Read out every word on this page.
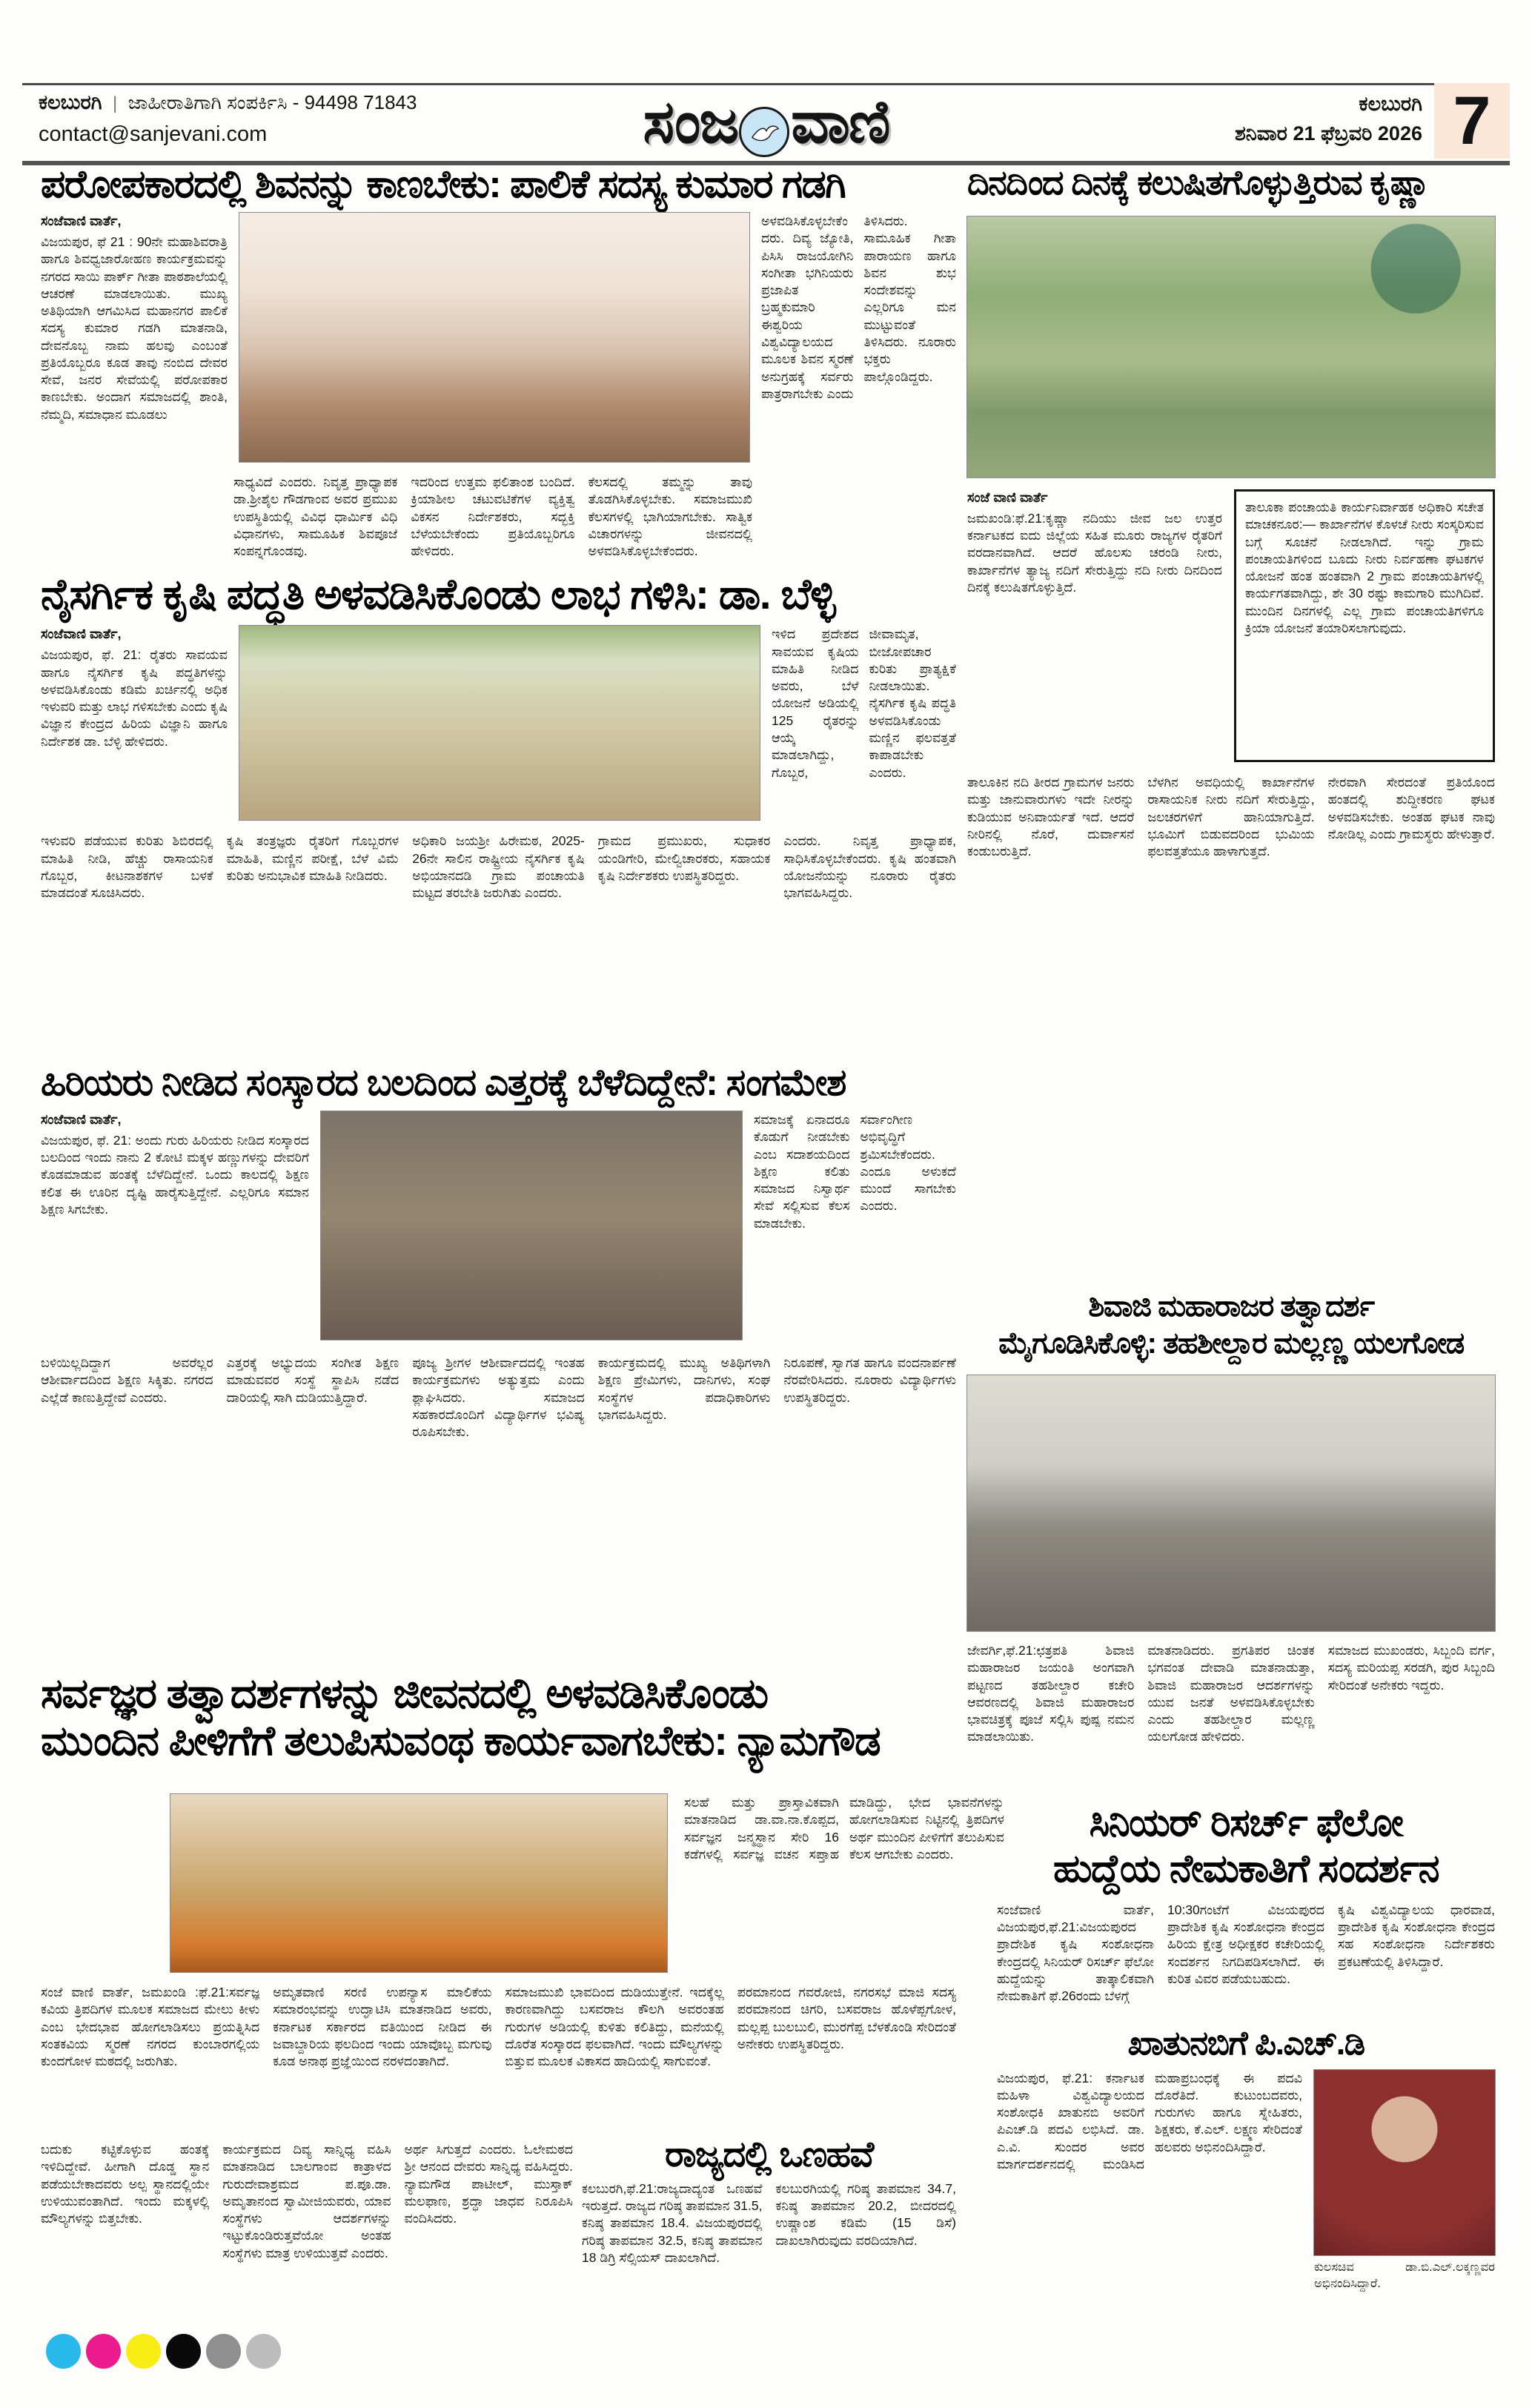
ಕಲಬುರಗಿ | ಜಾಹೀರಾತಿಗಾಗಿ ಸಂಪರ್ಕಿಸಿ - 94498 71843
contact@sanjevani.com	ಸಂಜ ವಾಣಿ	ಕಲಬುರಗಿ
ಶನಿವಾರ 21 ಫೆಬ್ರವರಿ 2026 7
ಪರೋಪಕಾರದಲ್ಲಿ ಶಿವನನ್ನು ಕಾಣಬೇಕು: ಪಾಲಿಕೆ ಸದಸ್ಯ ಕುಮಾರ ಗಡಗಿ
ಸಂಜೆವಾಣಿ ವಾರ್ತೆ,
ವಿಜಯಪುರ, ಫೆ 21 : 90ನೇ ಮಹಾಶಿವರಾತ್ರಿ ಹಾಗೂ ಶಿವಧ್ವಜಾರೋಹಣ ಕಾರ್ಯಕ್ರಮವನ್ನು ನಗರದ ಸಾಯಿ ಪಾರ್ಕ್ ಗೀತಾ ಪಾಠಶಾಲೆಯಲ್ಲಿ ಆಚರಣೆ ಮಾಡಲಾಯಿತು. ಮುಖ್ಯ ಅತಿಥಿಯಾಗಿ ಆಗಮಿಸಿದ ಮಹಾನಗರ ಪಾಲಿಕೆ ಸದಸ್ಯ ಕುಮಾರ ಗಡಗಿ ಮಾತನಾಡಿ, ದೇವನೊಬ್ಬ ನಾಮ ಹಲವು ಎಂಬಂತೆ ಪ್ರತಿಯೊಬ್ಬರೂ ಕೂಡ ತಾವು ನಂಬಿದ ದೇವರ ಸೇವೆ, ಜನರ ಸೇವೆಯಲ್ಲಿ ಪರೋಪಕಾರ ಕಾಣಬೇಕು. ಅಂದಾಗ ಸಮಾಜದಲ್ಲಿ ಶಾಂತಿ, ನೆಮ್ಮದಿ, ಸಮಾಧಾನ ಮೂಡಲು
ಅಳವಡಿಸಿಕೊಳ್ಳಬೇಕೆಂದರು. ದಿವ್ಯ ಜ್ಯೋತಿ, ಪಿಸಿಸಿ ರಾಜಯೋಗಿನಿ ಸಂಗೀತಾ ಭಗಿನಿಯರು ಪ್ರಜಾಪಿತ ಬ್ರಹ್ಮಕುಮಾರಿ ಈಶ್ವರಿಯ ವಿಶ್ವವಿದ್ಯಾಲಯದ ಮೂಲಕ ಶಿವನ ಸ್ಮರಣೆ ಅನುಗ್ರಹಕ್ಕೆ ಸರ್ವರು ಪಾತ್ರರಾಗಬೇಕು ಎಂದು ತಿಳಿಸಿದರು. ಸಾಮೂಹಿಕ ಗೀತಾ ಪಾರಾಯಣ ಹಾಗೂ ಶಿವನ ಶುಭ ಸಂದೇಶವನ್ನು ಎಲ್ಲರಿಗೂ ಮನ ಮುಟ್ಟುವಂತೆ ತಿಳಿಸಿದರು. ನೂರಾರು ಭಕ್ತರು ಪಾಲ್ಗೊಂಡಿದ್ದರು.
ಸಾಧ್ಯವಿದೆ ಎಂದರು. ನಿವೃತ್ತ ಪ್ರಾಧ್ಯಾಪಕ ಡಾ.ಶ್ರೀಶೈಲ ಗೌಡಗಾಂವ ಅವರ ಪ್ರಮುಖ ಉಪಸ್ಥಿತಿಯಲ್ಲಿ ವಿವಿಧ ಧಾರ್ಮಿಕ ವಿಧಿ ವಿಧಾನಗಳು, ಸಾಮೂಹಿಕ ಶಿವಪೂಜೆ ಸಂಪನ್ನಗೊಂಡವು.
ಇದರಿಂದ ಉತ್ತಮ ಫಲಿತಾಂಶ ಬಂದಿದೆ. ಕ್ರಿಯಾಶೀಲ ಚಟುವಟಿಕೆಗಳ ವ್ಯಕ್ತಿತ್ವ ವಿಕಸನ ನಿರ್ದೇಶಕರು, ಸದ್ಭಕ್ತಿ ಬೆಳೆಯಬೇಕೆಂದು ಪ್ರತಿಯೊಬ್ಬರಿಗೂ ಹೇಳಿದರು.
ಕೆಲಸದಲ್ಲಿ ತಮ್ಮನ್ನು ತಾವು ತೊಡಗಿಸಿಕೊಳ್ಳಬೇಕು. ಸಮಾಜಮುಖಿ ಕೆಲಸಗಳಲ್ಲಿ ಭಾಗಿಯಾಗಬೇಕು. ಸಾತ್ವಿಕ ವಿಚಾರಗಳನ್ನು ಜೀವನದಲ್ಲಿ ಅಳವಡಿಸಿಕೊಳ್ಳಬೇಕೆಂದರು.
ನೈಸರ್ಗಿಕ ಕೃಷಿ ಪದ್ಧತಿ ಅಳವಡಿಸಿಕೊಂಡು ಲಾಭ ಗಳಿಸಿ: ಡಾ. ಬೆಳ್ಳಿ
ಸಂಜೆವಾಣಿ ವಾರ್ತೆ,
ವಿಜಯಪುರ, ಫೆ. 21: ರೈತರು ಸಾವಯವ ಹಾಗೂ ನೈಸರ್ಗಿಕ ಕೃಷಿ ಪದ್ಧತಿಗಳನ್ನು ಅಳವಡಿಸಿಕೊಂಡು ಕಡಿಮೆ ಖರ್ಚಿನಲ್ಲಿ ಅಧಿಕ ಇಳುವರಿ ಮತ್ತು ಲಾಭ ಗಳಿಸಬೇಕು ಎಂದು ಕೃಷಿ ವಿಜ್ಞಾನ ಕೇಂದ್ರದ ಹಿರಿಯ ವಿಜ್ಞಾನಿ ಹಾಗೂ ನಿರ್ದೇಶಕ ಡಾ. ಬೆಳ್ಳಿ ಹೇಳಿದರು.
ಇಳಿದ ಪ್ರದೇಶದ ಸಾವಯವ ಕೃಷಿಯ ಮಾಹಿತಿ ನೀಡಿದ ಅವರು, ಬೆಳೆ ಯೋಜನೆ ಅಡಿಯಲ್ಲಿ 125 ರೈತರನ್ನು ಆಯ್ಕೆ ಮಾಡಲಾಗಿದ್ದು, ಗೊಬ್ಬರ, ಜೀವಾಮೃತ, ಬೀಜೋಪಚಾರ ಕುರಿತು ಪ್ರಾತ್ಯಕ್ಷಿಕೆ ನೀಡಲಾಯಿತು. ನೈಸರ್ಗಿಕ ಕೃಷಿ ಪದ್ಧತಿ ಅಳವಡಿಸಿಕೊಂಡು ಮಣ್ಣಿನ ಫಲವತ್ತತೆ ಕಾಪಾಡಬೇಕು ಎಂದರು.
ಇಳುವರಿ ಪಡೆಯುವ ಕುರಿತು ಶಿಬಿರದಲ್ಲಿ ಮಾಹಿತಿ ನೀಡಿ, ಹೆಚ್ಚು ರಾಸಾಯನಿಕ ಗೊಬ್ಬರ, ಕೀಟನಾಶಕಗಳ ಬಳಕೆ ಮಾಡದಂತೆ ಸೂಚಿಸಿದರು.
ಕೃಷಿ ತಂತ್ರಜ್ಞರು ರೈತರಿಗೆ ಗೊಬ್ಬರಗಳ ಮಾಹಿತಿ, ಮಣ್ಣಿನ ಪರೀಕ್ಷೆ, ಬೆಳೆ ವಿಮೆ ಕುರಿತು ಅನುಭಾವಿಕ ಮಾಹಿತಿ ನೀಡಿದರು.
ಅಧಿಕಾರಿ ಜಯಶ್ರೀ ಹಿರೇಮಠ, 2025-26ನೇ ಸಾಲಿನ ರಾಷ್ಟ್ರೀಯ ನೈಸರ್ಗಿಕ ಕೃಷಿ ಅಭಿಯಾನದಡಿ ಗ್ರಾಮ ಪಂಚಾಯತಿ ಮಟ್ಟದ ತರಬೇತಿ ಜರುಗಿತು ಎಂದರು.
ಗ್ರಾಮದ ಪ್ರಮುಖರು, ಸುಧಾಕರ ಯಂಡಿಗೇರಿ, ಮೇಲ್ವಿಚಾರಕರು, ಸಹಾಯಕ ಕೃಷಿ ನಿರ್ದೇಶಕರು ಉಪಸ್ಥಿತರಿದ್ದರು.
ಎಂದರು. ನಿವೃತ್ತ ಪ್ರಾಧ್ಯಾಪಕ, ಸಾಧಿಸಿಕೊಳ್ಳಬೇಕೆಂದರು. ಕೃಷಿ ಹಂತವಾಗಿ ಯೋಜನೆಯನ್ನು ನೂರಾರು ರೈತರು ಭಾಗವಹಿಸಿದ್ದರು.
ಹಿರಿಯರು ನೀಡಿದ ಸಂಸ್ಕಾರದ ಬಲದಿಂದ ಎತ್ತರಕ್ಕೆ ಬೆಳೆದಿದ್ದೇನೆ: ಸಂಗಮೇಶ
ಸಂಜೆವಾಣಿ ವಾರ್ತೆ,
ವಿಜಯಪುರ, ಫೆ. 21: ಅಂದು ಗುರು ಹಿರಿಯರು ನೀಡಿದ ಸಂಸ್ಕಾರದ ಬಲದಿಂದ ಇಂದು ನಾನು 2 ಕೋಟಿ ಮಕ್ಕಳ ಹಣ್ಣುಗಳನ್ನು ದೇವರಿಗೆ ಕೊಡಮಾಡುವ ಹಂತಕ್ಕೆ ಬೆಳೆದಿದ್ದೇನೆ. ಒಂದು ಕಾಲದಲ್ಲಿ ಶಿಕ್ಷಣ ಕಲಿತ ಈ ಊರಿನ ದೃಷ್ಟಿ ಹಾರೈಸುತ್ತಿದ್ದೇನೆ. ಎಲ್ಲರಿಗೂ ಸಮಾನ ಶಿಕ್ಷಣ ಸಿಗಬೇಕು.
ಸಮಾಜಕ್ಕೆ ಏನಾದರೂ ಕೊಡುಗೆ ನೀಡಬೇಕು ಎಂಬ ಸದಾಶಯದಿಂದ ಶಿಕ್ಷಣ ಕಲಿತು ಸಮಾಜದ ನಿಸ್ವಾರ್ಥ ಸೇವೆ ಸಲ್ಲಿಸುವ ಕೆಲಸ ಮಾಡಬೇಕು. ಸರ್ವಾಂಗೀಣ ಅಭಿವೃದ್ಧಿಗೆ ಶ್ರಮಿಸಬೇಕೆಂದರು. ಎಂದೂ ಅಳುಕದೆ ಮುಂದೆ ಸಾಗಬೇಕು ಎಂದರು.
ಬಳಿಯಿಲ್ಲದಿದ್ದಾಗ ಅವರೆಲ್ಲರ ಆಶೀರ್ವಾದದಿಂದ ಶಿಕ್ಷಣ ಸಿಕ್ಕಿತು. ನಗರದ ಎಲ್ಲೆಡೆ ಕಾಣುತ್ತಿದ್ದೇವೆ ಎಂದರು.
ಎತ್ತರಕ್ಕೆ ಅಭ್ಯುದಯ ಸಂಗೀತ ಶಿಕ್ಷಣ ಮಾಡುವವರ ಸಂಸ್ಥೆ ಸ್ಥಾಪಿಸಿ ನಡೆದ ದಾರಿಯಲ್ಲಿ ಸಾಗಿ ದುಡಿಯುತ್ತಿದ್ದಾರೆ.
ಪೂಜ್ಯ ಶ್ರೀಗಳ ಆಶೀರ್ವಾದದಲ್ಲಿ ಇಂತಹ ಕಾರ್ಯಕ್ರಮಗಳು ಅತ್ಯುತ್ತಮ ಎಂದು ಶ್ಲಾಘಿಸಿದರು. ಸಮಾಜದ ಸಹಕಾರದೊಂದಿಗೆ ವಿದ್ಯಾರ್ಥಿಗಳ ಭವಿಷ್ಯ ರೂಪಿಸಬೇಕು.
ಕಾರ್ಯಕ್ರಮದಲ್ಲಿ ಮುಖ್ಯ ಅತಿಥಿಗಳಾಗಿ ಶಿಕ್ಷಣ ಪ್ರೇಮಿಗಳು, ದಾನಿಗಳು, ಸಂಘ ಸಂಸ್ಥೆಗಳ ಪದಾಧಿಕಾರಿಗಳು ಭಾಗವಹಿಸಿದ್ದರು.
ನಿರೂಪಣೆ, ಸ್ವಾಗತ ಹಾಗೂ ವಂದನಾರ್ಪಣೆ ನೆರವೇರಿಸಿದರು. ನೂರಾರು ವಿದ್ಯಾರ್ಥಿಗಳು ಉಪಸ್ಥಿತರಿದ್ದರು.
ಸರ್ವಜ್ಞರ ತತ್ವಾದರ್ಶಗಳನ್ನು ಜೀವನದಲ್ಲಿ ಅಳವಡಿಸಿಕೊಂಡು
ಮುಂದಿನ ಪೀಳಿಗೆಗೆ ತಲುಪಿಸುವಂಥ ಕಾರ್ಯವಾಗಬೇಕು: ನ್ಯಾಮಗೌಡ
ಸಲಹೆ ಮತ್ತು ಪ್ರಾಸ್ತಾವಿಕವಾಗಿ ಮಾತನಾಡಿದ ಡಾ.ವಾ.ನಾ.ಕೊಪ್ಪದ, ಸರ್ವಜ್ಞನ ಜನ್ಮಸ್ಥಾನ ಸೇರಿ 16 ಕಡೆಗಳಲ್ಲಿ ಸರ್ವಜ್ಞ ವಚನ ಸಪ್ತಾಹ ಮಾಡಿದ್ದು, ಭೇದ ಭಾವನೆಗಳನ್ನು ಹೋಗಲಾಡಿಸುವ ನಿಟ್ಟಿನಲ್ಲಿ ತ್ರಿಪದಿಗಳ ಅರ್ಥ ಮುಂದಿನ ಪೀಳಿಗೆಗೆ ತಲುಪಿಸುವ ಕೆಲಸ ಆಗಬೇಕು ಎಂದರು.
ಸಂಜೆ ವಾಣಿ ವಾರ್ತೆ, ಜಮಖಂಡಿ :ಫೆ.21:ಸರ್ವಜ್ಞ ಕವಿಯ ತ್ರಿಪದಿಗಳ ಮೂಲಕ ಸಮಾಜದ ಮೇಲು ಕೀಳು ಎಂಬ ಭೇದಭಾವ ಹೋಗಲಾಡಿಸಲು ಪ್ರಯತ್ನಿಸಿದ ಸಂತಕವಿಯ ಸ್ಮರಣೆ ನಗರದ ಕುಂಬಾರಗಲ್ಲಿಯ ಕುಂದಗೋಳ ಮಠದಲ್ಲಿ ಜರುಗಿತು.
ಅಮೃತವಾಣಿ ಸರಣಿ ಉಪನ್ಯಾಸ ಮಾಲಿಕೆಯ ಸಮಾರಂಭವನ್ನು ಉದ್ಘಾಟಿಸಿ ಮಾತನಾಡಿದ ಅವರು, ಕರ್ನಾಟಕ ಸರ್ಕಾರದ ವತಿಯಿಂದ ನೀಡಿದ ಈ ಜವಾಬ್ದಾರಿಯ ಫಲದಿಂದ ಇಂದು ಯಾವೊಬ್ಬ ಮಗುವು ಕೂಡ ಅನಾಥ ಪ್ರಜ್ಞೆಯಿಂದ ನರಳದಂತಾಗಿದೆ.
ಸಮಾಜಮುಖಿ ಭಾವದಿಂದ ದುಡಿಯುತ್ತೇನೆ. ಇದಕ್ಕೆಲ್ಲ ಕಾರಣವಾಗಿದ್ದು ಬಸವರಾಜ ಕೌಲಗಿ ಅವರಂತಹ ಗುರುಗಳ ಅಡಿಯಲ್ಲಿ ಕುಳಿತು ಕಲಿತಿದ್ದು, ಮನೆಯಲ್ಲಿ ದೊರೆತ ಸಂಸ್ಕಾರದ ಫಲವಾಗಿದೆ. ಇಂದು ಮೌಲ್ಯಗಳನ್ನು ಬಿತ್ತುವ ಮೂಲಕ ವಿಕಾಸದ ಹಾದಿಯಲ್ಲಿ ಸಾಗುವಂತೆ.
ಪರಮಾನಂದ ಗವರೋಜಿ, ನಗರಸಭೆ ಮಾಜಿ ಸದಸ್ಯ ಪರಮಾನಂದ ಚಿಗರಿ, ಬಸವರಾಜ ಹೊಳೆಪ್ಪಗೋಳ, ಮಲ್ಲಪ್ಪ ಬುಲಬುಲಿ, ಮುರಗೆಪ್ಪ ಬೆಳಕೊಂಡಿ ಸೇರಿದಂತೆ ಅನೇಕರು ಉಪಸ್ಥಿತರಿದ್ದರು.
ಬದುಕು ಕಟ್ಟಿಕೊಳ್ಳುವ ಹಂತಕ್ಕೆ ಇಳಿದಿದ್ದೇವೆ. ಹೀಗಾಗಿ ದೊಡ್ಡ ಸ್ಥಾನ ಪಡೆಯಬೇಕಾದವರು ಅಲ್ಪ ಸ್ಥಾನದಲ್ಲಿಯೇ ಉಳಿಯುವಂತಾಗಿದೆ. ಇಂದು ಮಕ್ಕಳಲ್ಲಿ ಮೌಲ್ಯಗಳನ್ನು ಬಿತ್ತಬೇಕು.
ಕಾರ್ಯಕ್ರಮದ ದಿವ್ಯ ಸಾನ್ನಿಧ್ಯ ವಹಿಸಿ ಮಾತನಾಡಿದ ಬಾಲಗಾಂವ ಕಾತ್ರಾಳದ ಗುರುದೇವಾಶ್ರಮದ ಪ.ಪೂ.ಡಾ. ಅಮೃತಾನಂದ ಸ್ವಾಮೀಜಿಯವರು, ಯಾವ ಸಂಸ್ಥೆಗಳು ಆದರ್ಶಗಳನ್ನು ಇಟ್ಟುಕೊಂಡಿರುತ್ತವೆಯೋ ಅಂತಹ ಸಂಸ್ಥೆಗಳು ಮಾತ್ರ ಉಳಿಯುತ್ತವೆ ಎಂದರು.
ಅರ್ಥ ಸಿಗುತ್ತದೆ ಎಂದರು. ಓಲೇಮಠದ ಶ್ರೀ ಆನಂದ ದೇವರು ಸಾನ್ನಿಧ್ಯ ವಹಿಸಿದ್ದರು. ನ್ಯಾಮಗೌಡ ಪಾಟೀಲ್, ಮುಸ್ತಾಕ್ ಮಲಫಾಣ, ಶ್ರದ್ಧಾ ಜಾಧವ ನಿರೂಪಿಸಿ ವಂದಿಸಿದರು.
ರಾಜ್ಯದಲ್ಲಿ ಒಣಹವೆ
ಕಲಬುರಗಿ,ಫೆ.21:ರಾಜ್ಯದಾದ್ಯಂತ ಒಣಹವೆ ಇರುತ್ತದೆ. ರಾಜ್ಯದ ಗರಿಷ್ಠ ತಾಪಮಾನ 31.5, ಕನಿಷ್ಠ ತಾಪಮಾನ 18.4. ವಿಜಯಪುರದಲ್ಲಿ ಗರಿಷ್ಠ ತಾಪಮಾನ 32.5, ಕನಿಷ್ಠ ತಾಪಮಾನ 18 ಡಿಗ್ರಿ ಸೆಲ್ಸಿಯಸ್ ದಾಖಲಾಗಿದೆ.
ಕಲಬುರಗಿಯಲ್ಲಿ ಗರಿಷ್ಠ ತಾಪಮಾನ 34.7, ಕನಿಷ್ಠ ತಾಪಮಾನ 20.2, ಬೀದರದಲ್ಲಿ ಉಷ್ಣಾಂಶ ಕಡಿಮೆ (15 ಡಿಸೆ) ದಾಖಲಾಗಿರುವುದು ವರದಿಯಾಗಿದೆ.
ದಿನದಿಂದ ದಿನಕ್ಕೆ ಕಲುಷಿತಗೊಳ್ಳುತ್ತಿರುವ ಕೃಷ್ಣಾ
ಸಂಜೆ ವಾಣಿ ವಾರ್ತೆ
ಜಮಖಂಡಿ:ಫೆ.21:ಕೃಷ್ಣಾ ನದಿಯು ಜೀವ ಜಲ ಉತ್ತರ ಕರ್ನಾಟಕದ ಐದು ಜಿಲ್ಲೆಯ ಸಹಿತ ಮೂರು ರಾಜ್ಯಗಳ ರೈತರಿಗೆ ವರದಾನವಾಗಿದೆ. ಆದರೆ ಹೊಲಸು ಚರಂಡಿ ನೀರು, ಕಾರ್ಖಾನೆಗಳ ತ್ಯಾಜ್ಯ ನದಿಗೆ ಸೇರುತ್ತಿದ್ದು ನದಿ ನೀರು ದಿನದಿಂದ ದಿನಕ್ಕೆ ಕಲುಷಿತಗೊಳ್ಳುತ್ತಿದೆ.
ತಾಲೂಕಾ ಪಂಚಾಯತಿ ಕಾರ್ಯನಿರ್ವಾಹಕ ಅಧಿಕಾರಿ ಸಚೇತ ಮಾಚಕನೂರ:— ಕಾರ್ಖಾನೆಗಳ ಕೊಳಚೆ ನೀರು ಸಂಸ್ಕರಿಸುವ ಬಗ್ಗೆ ಸೂಚನೆ ನೀಡಲಾಗಿದೆ. ಇನ್ನು ಗ್ರಾಮ ಪಂಚಾಯತಿಗಳಿಂದ ಬೂದು ನೀರು ನಿರ್ವಹಣಾ ಘಟಕಗಳ ಯೋಜನೆ ಹಂತ ಹಂತವಾಗಿ 2 ಗ್ರಾಮ ಪಂಚಾಯತಿಗಳಲ್ಲಿ ಕಾರ್ಯಗತವಾಗಿದ್ದು, ಶೇ 30 ರಷ್ಟು ಕಾಮಗಾರಿ ಮುಗಿದಿವೆ. ಮುಂದಿನ ದಿನಗಳಲ್ಲಿ ಎಲ್ಲ ಗ್ರಾಮ ಪಂಚಾಯತಿಗಳಿಗೂ ಕ್ರಿಯಾ ಯೋಜನೆ ತಯಾರಿಸಲಾಗುವುದು.
ತಾಲೂಕಿನ ನದಿ ತೀರದ ಗ್ರಾಮಗಳ ಜನರು ಮತ್ತು ಜಾನುವಾರುಗಳು ಇದೇ ನೀರನ್ನು ಕುಡಿಯುವ ಅನಿವಾರ್ಯತೆ ಇದೆ. ಆದರೆ ನೀರಿನಲ್ಲಿ ನೊರೆ, ದುರ್ವಾಸನೆ ಕಂಡುಬರುತ್ತಿದೆ.
ಬೆಳಗಿನ ಅವಧಿಯಲ್ಲಿ ಕಾರ್ಖಾನೆಗಳ ರಾಸಾಯನಿಕ ನೀರು ನದಿಗೆ ಸೇರುತ್ತಿದ್ದು, ಜಲಚರಗಳಿಗೆ ಹಾನಿಯಾಗುತ್ತಿದೆ. ಭೂಮಿಗೆ ಬಿಡುವದರಿಂದ ಭುಮಿಯ ಫಲವತ್ತತೆಯೂ ಹಾಳಾಗುತ್ತದೆ.
ನೇರವಾಗಿ ಸೇರದಂತೆ ಪ್ರತಿಯೊಂದ ಹಂತದಲ್ಲಿ ಶುದ್ದೀಕರಣ ಘಟಕ ಅಳವಡಿಸಬೇಕು. ಅಂತಹ ಘಟಕ ನಾವು ನೋಡಿಲ್ಲ ಎಂದು ಗ್ರಾಮಸ್ಥರು ಹೇಳುತ್ತಾರೆ.
ಶಿವಾಜಿ ಮಹಾರಾಜರ ತತ್ವಾದರ್ಶ
ಮೈಗೂಡಿಸಿಕೊಳ್ಳಿ: ತಹಶೀಲ್ದಾರ ಮಲ್ಲಣ್ಣ ಯಲಗೋಡ
ಜೇವರ್ಗಿ,ಫೆ.21:ಛತ್ರಪತಿ ಶಿವಾಜಿ ಮಹಾರಾಜರ ಜಯಂತಿ ಅಂಗವಾಗಿ ಪಟ್ಟಣದ ತಹಶೀಲ್ದಾರ ಕಚೇರಿ ಆವರಣದಲ್ಲಿ ಶಿವಾಜಿ ಮಹಾರಾಜರ ಭಾವಚಿತ್ರಕ್ಕೆ ಪೂಜೆ ಸಲ್ಲಿಸಿ ಪುಷ್ಪ ನಮನ ಮಾಡಲಾಯಿತು.
ಮಾತನಾಡಿದರು. ಪ್ರಗತಿಪರ ಚಿಂತಕ ಭಗವಂತ ದೇವಾಡಿ ಮಾತನಾಡುತ್ತಾ, ಶಿವಾಜಿ ಮಹಾರಾಜರ ಆದರ್ಶಗಳನ್ನು ಯುವ ಜನತೆ ಅಳವಡಿಸಿಕೊಳ್ಳಬೇಕು ಎಂದು ತಹಶೀಲ್ದಾರ ಮಲ್ಲಣ್ಣ ಯಲಗೋಡ ಹೇಳಿದರು.
ಸಮಾಜದ ಮುಖಂಡರು, ಸಿಬ್ಬಂದಿ ವರ್ಗ, ಸದಸ್ಯ ಮರಿಯಪ್ಪ ಸರಡಗಿ, ಪುರ ಸಿಬ್ಬಂದಿ ಸೇರಿದಂತೆ ಅನೇಕರು ಇದ್ದರು.
ಸಿನಿಯರ್ ರಿಸರ್ಚ್ ಫೆಲೋ
ಹುದ್ದೆಯ ನೇಮಕಾತಿಗೆ ಸಂದರ್ಶನ
ಸಂಜೆವಾಣಿ ವಾರ್ತೆ, ವಿಜಯಪುರ,ಫೆ.21:ವಿಜಯಪುರದ ಪ್ರಾದೇಶಿಕ ಕೃಷಿ ಸಂಶೋಧನಾ ಕೇಂದ್ರದಲ್ಲಿ ಸಿನಿಯರ್ ರಿಸರ್ಚ್ ಫೆಲೋ ಹುದ್ದೆಯನ್ನು ತಾತ್ಕಾಲಿಕವಾಗಿ ನೇಮಕಾತಿಗೆ ಫೆ.26ರಂದು ಬೆಳಗ್ಗೆ
10:30ಗಂಟೆಗೆ ವಿಜಯಪುರದ ಪ್ರಾದೇಶಿಕ ಕೃಷಿ ಸಂಶೋಧನಾ ಕೇಂದ್ರದ ಹಿರಿಯ ಕ್ಷೇತ್ರ ಅಧೀಕ್ಷಕರ ಕಚೇರಿಯಲ್ಲಿ ಸಂದರ್ಶನ ನಿಗದಿಪಡಿಸಲಾಗಿದೆ. ಈ ಕುರಿತ ವಿವರ ಪಡೆಯಬಹುದು.
ಕೃಷಿ ವಿಶ್ವವಿದ್ಯಾಲಯ ಧಾರವಾಡ, ಪ್ರಾದೇಶಿಕ ಕೃಷಿ ಸಂಶೋಧನಾ ಕೇಂದ್ರದ ಸಹ ಸಂಶೋಧನಾ ನಿರ್ದೇಶಕರು ಪ್ರಕಟಣೆಯಲ್ಲಿ ತಿಳಿಸಿದ್ದಾರೆ.
ಖಾತುನಬಿಗೆ ಪಿ.ಎಚ್.ಡಿ
ವಿಜಯಪುರ, ಫೆ.21: ಕರ್ನಾಟಕ ಮಹಿಳಾ ವಿಶ್ವವಿದ್ಯಾಲಯದ ಸಂಶೋಧಕಿ ಖಾತುನಬಿ ಅವರಿಗೆ ಪಿಎಚ್.ಡಿ ಪದವಿ ಲಭಿಸಿದೆ. ಡಾ. ಎ.ವಿ. ಸುಂದರ ಅವರ ಮಾರ್ಗದರ್ಶನದಲ್ಲಿ ಮಂಡಿಸಿದ ಮಹಾಪ್ರಬಂಧಕ್ಕೆ ಈ ಪದವಿ ದೊರೆತಿದೆ. ಕುಟುಂಬದವರು, ಗುರುಗಳು ಹಾಗೂ ಸ್ನೇಹಿತರು, ಶಿಕ್ಷಕರು, ಕೆ.ಎಲ್. ಲಕ್ಷ್ಮಣ ಸೇರಿದಂತೆ ಹಲವರು ಅಭಿನಂದಿಸಿದ್ದಾರೆ.
ಕುಲಸಚಿವ ಡಾ.ಬಿ.ಎಲ್.ಲಕ್ಕಣ್ಣವರ ಅಭಿನಂದಿಸಿದ್ದಾರೆ.
